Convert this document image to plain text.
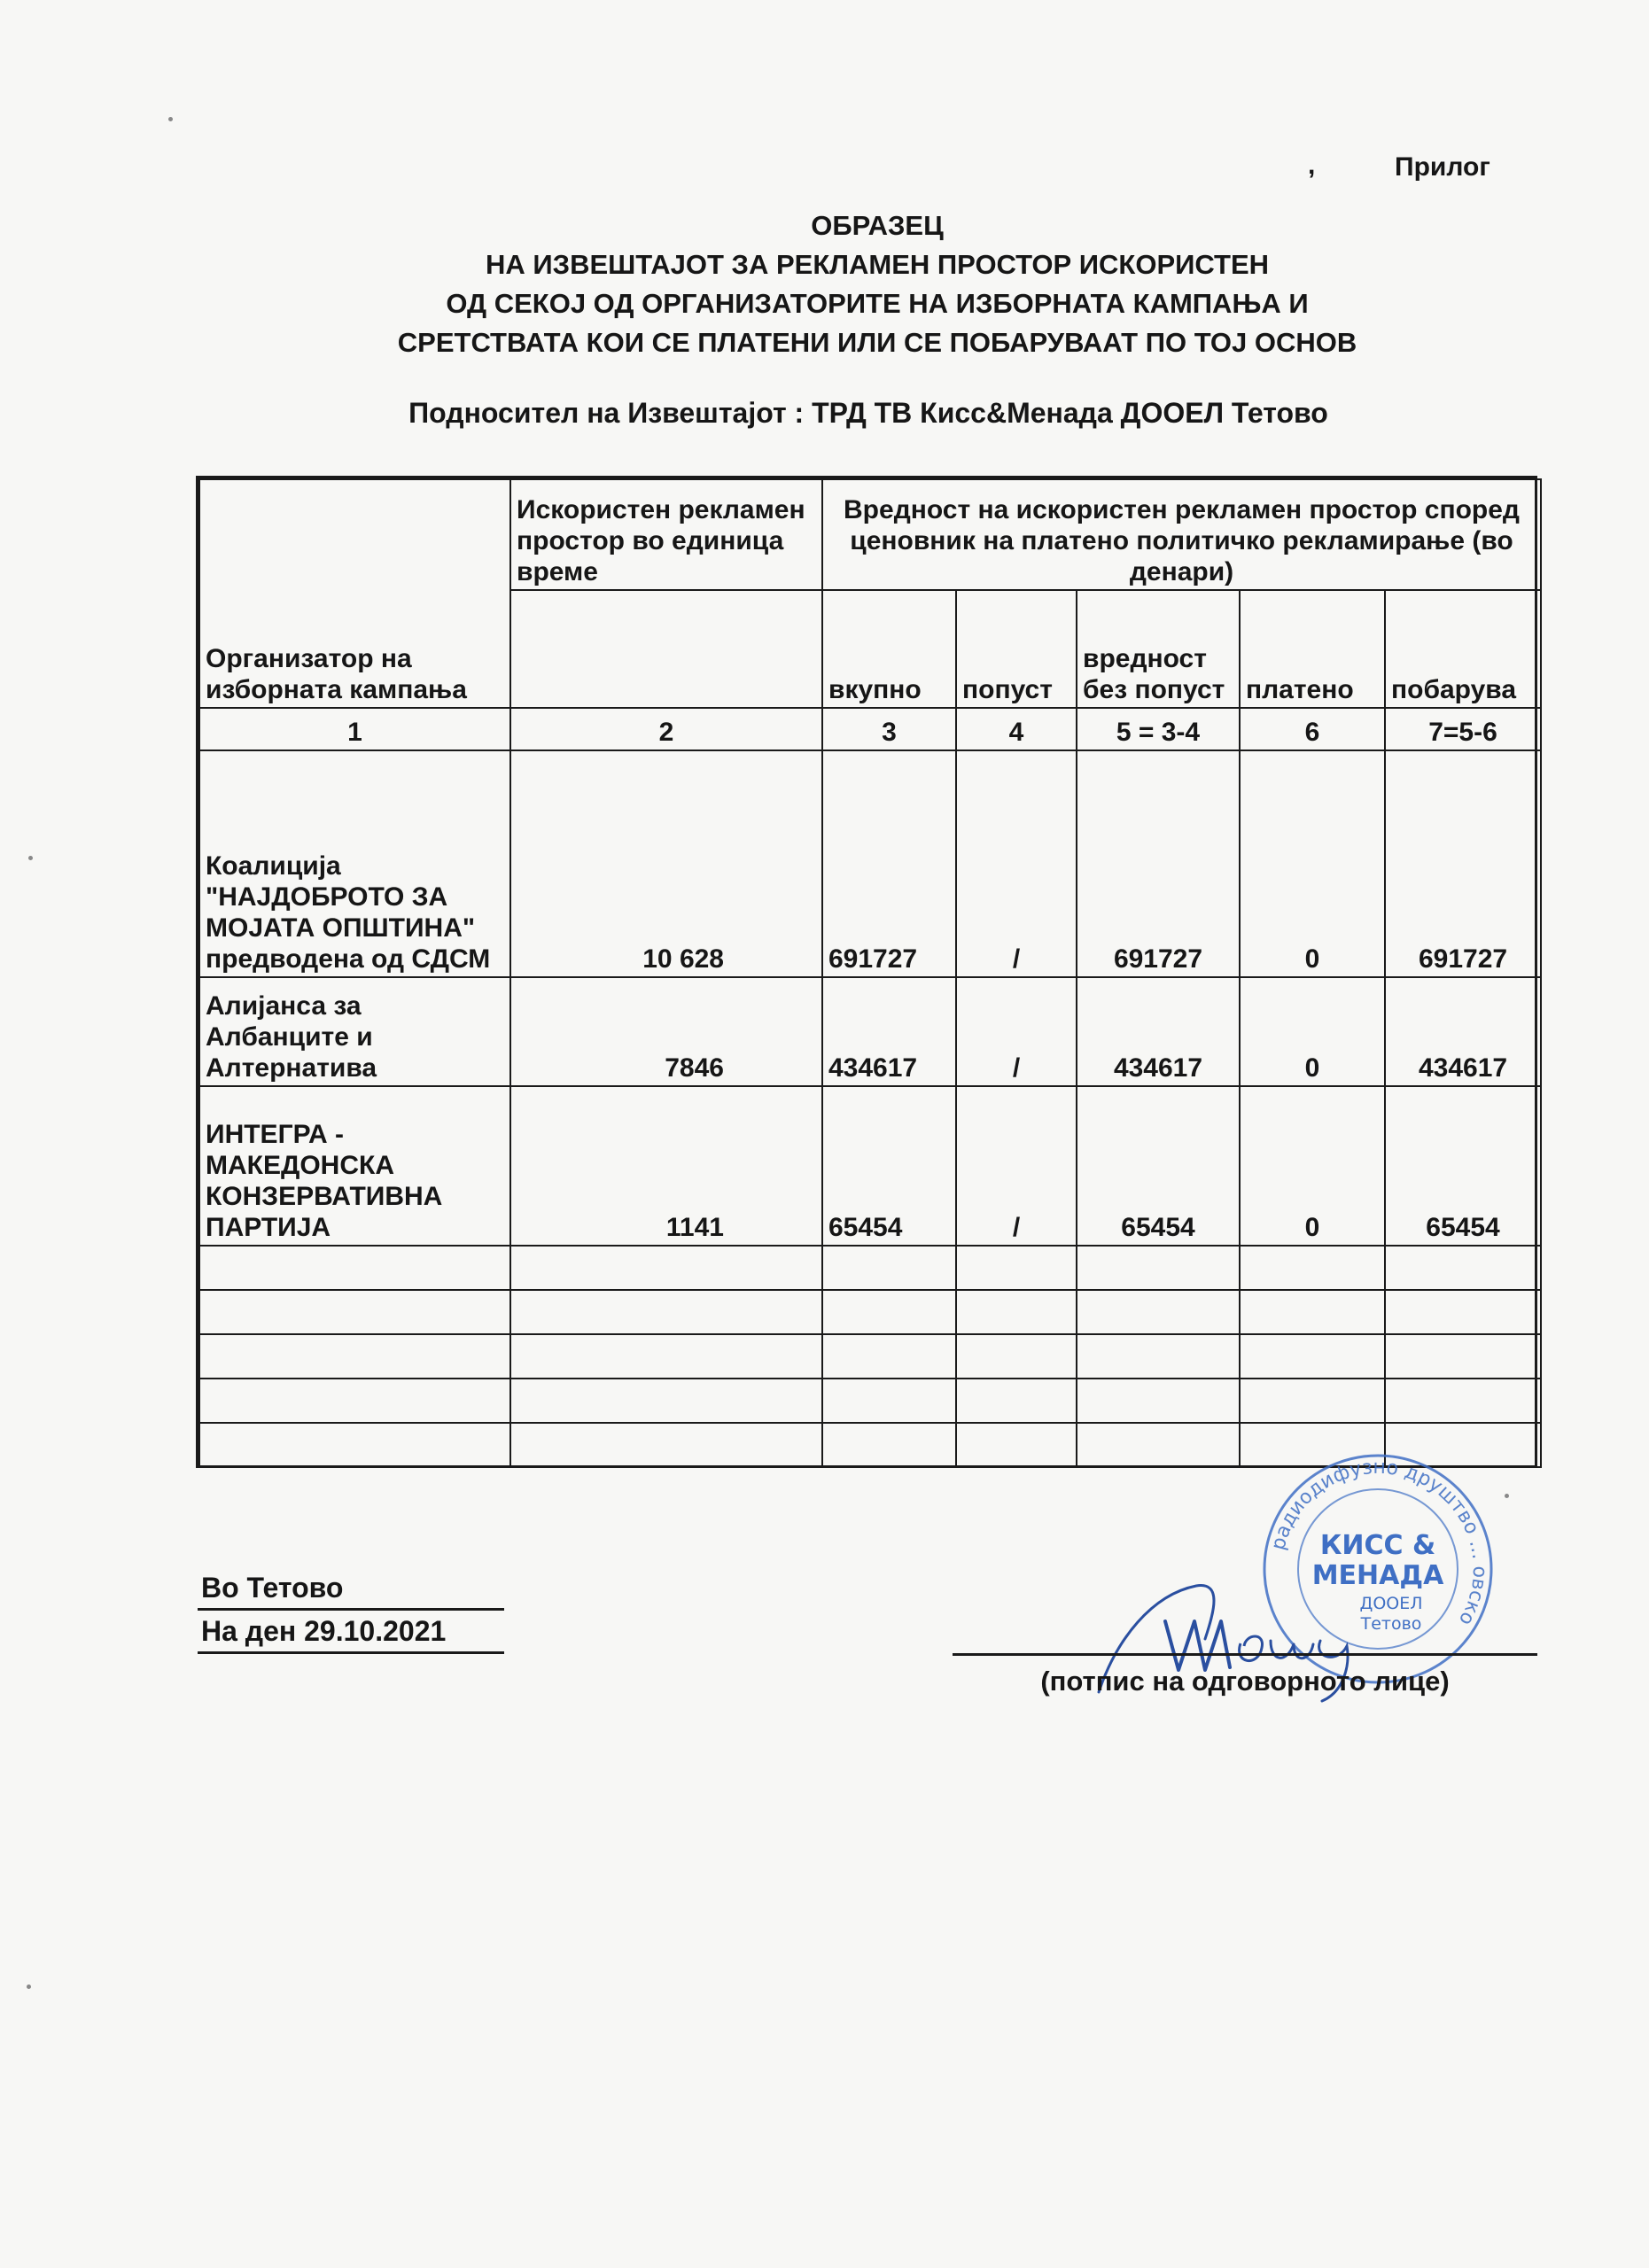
,	Прилог
ОБРАЗЕЦ
НА ИЗВЕШТАЈОТ ЗА РЕКЛАМЕН ПРОСТОР ИСКОРИСТЕН
ОД СЕКОЈ ОД ОРГАНИЗАТОРИТЕ НА ИЗБОРНАТА КАМПАЊА И
СРЕТСТВАТА КОИ СЕ ПЛАТЕНИ ИЛИ СЕ ПОБАРУВААТ ПО ТОЈ ОСНОВ
Подносител на Извештајот : ТРД ТВ Кисс&Менада ДООЕЛ Тетово
Организатор на изборната кампања	Искористен рекламен простор во единица време	Вредност на искористен рекламен простор според ценовник на платено политичко рекламирање (во денари)				
		вкупно	попуст	вредност без попуст	платено	побарува
1	2	3	4	5 = 3-4	6	7=5-6
Коалиција "НАЈДОБРОТО ЗА МОЈАТА ОПШТИНА" предводена од СДСМ	10 628	691727	/	691727	0	691727
Алијанса за Албанците и Алтернатива	7846	434617	/	434617	0	434617
ИНТЕГРА - МАКЕДОНСКА КОНЗЕРВАТИВНА ПАРТИЈА	1141	65454	/	65454	0	65454

Во Тетово
На ден 29.10.2021
радиодифузно друштво ... овско
КИСС &
МЕНАДА
ДООЕЛ
Тетово
(потпис на одговорното лице)
